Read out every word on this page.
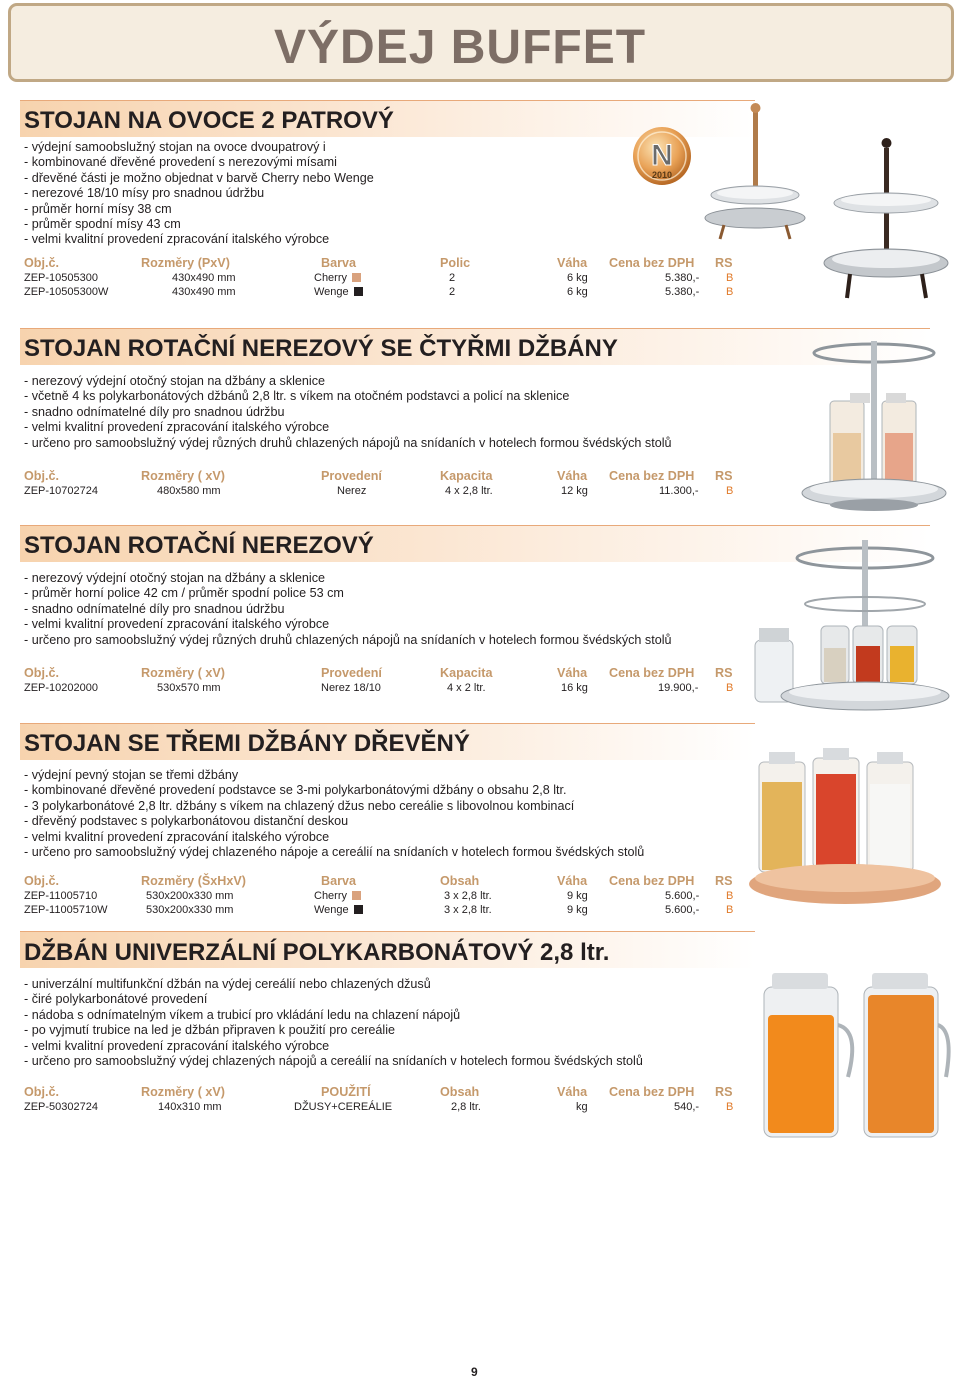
VÝDEJ BUFFET
STOJAN NA OVOCE 2 PATROVÝ
- výdejní samoobslužný stojan na ovoce dvoupatrový i
- kombinované dřevěné provedení s nerezovými mísami
- dřevěné části je možno objednat v barvě Cherry nebo Wenge
- nerezové 18/10 mísy pro snadnou údržbu
- průměr horní mísy 38 cm
- průměr spodní mísy 43 cm
- velmi kvalitní provedení zpracování italského výrobce
Obj.č.	Rozměry (PxV)	Barva	Polic	Váha Cena bez DPH RS
ZEP-10505300	430x490 mm	Cherry	2	6 kg	5.380,- B
ZEP-10505300W	430x490 mm	Wenge	2	6 kg	5.380,- B
N
2010
STOJAN ROTAČNÍ NEREZOVÝ SE ČTYŘMI DŽBÁNY
- nerezový výdejní otočný stojan na džbány a sklenice
- včetně 4 ks polykarbonátových džbánů 2,8 ltr. s víkem na otočném podstavci a policí na sklenice
- snadno odnímatelné díly pro snadnou údržbu
- velmi kvalitní provedení zpracování italského výrobce
- určeno pro samoobslužný výdej různých druhů chlazených nápojů na snídaních v hotelech formou švédských stolů
Obj.č.	Rozměry ( xV)	Provedení	Kapacita	Váha Cena bez DPH RS
ZEP-10702724	480x580 mm	Nerez	4 x 2,8 ltr.	12 kg	11.300,- B
STOJAN ROTAČNÍ NEREZOVÝ
- nerezový výdejní otočný stojan na džbány a sklenice
- průměr horní police 42 cm / průměr spodní police 53 cm
- snadno odnímatelné díly pro snadnou údržbu
- velmi kvalitní provedení zpracování italského výrobce
- určeno pro samoobslužný výdej různých druhů chlazených nápojů na snídaních v hotelech formou švédských stolů
Obj.č.	Rozměry ( xV)	Provedení	Kapacita	Váha Cena bez DPH RS
ZEP-10202000	530x570 mm	Nerez 18/10	4 x 2 ltr.	16 kg	19.900,-	B
STOJAN SE TŘEMI DŽBÁNY DŘEVĚNÝ
- výdejní pevný stojan se třemi džbány
- kombinované dřevěné provedení podstavce se 3-mi polykarbonátovými džbány o obsahu 2,8 ltr.
- 3 polykarbonátové 2,8 ltr. džbány s víkem na chlazený džus nebo cereálie s libovolnou kombinací
- dřevěný podstavec s polykarbonátovou distanční deskou
- velmi kvalitní provedení zpracování italského výrobce
- určeno pro samoobslužný výdej chlazeného nápoje a cereálií na snídaních v hotelech formou švédských stolů
Obj.č.	Rozměry (ŠxHxV)	Barva	Obsah	Váha Cena bez DPH RS
ZEP-11005710	530x200x330 mm	Cherry	3 x 2,8 ltr.	9 kg	5.600,- B
ZEP-11005710W	530x200x330 mm	Wenge	3 x 2,8 ltr.	9 kg	5.600,- B
DŽBÁN UNIVERZÁLNÍ POLYKARBONÁTOVÝ 2,8 ltr.
- univerzální multifunkční džbán na výdej cereálií nebo chlazených džusů
- čiré polykarbonátové provedení
- nádoba s odnímatelným víkem a trubicí pro vkládání ledu na chlazení nápojů
- po vyjmutí trubice na led je džbán připraven k použití pro cereálie
- velmi kvalitní provedení zpracování italského výrobce
- určeno pro samoobslužný výdej chlazených nápojů a cereálií na snídaních v hotelech formou švédských stolů
Obj.č.	Rozměry ( xV)	POUŽITÍ	Obsah	Váha Cena bez DPH RS
ZEP-50302724	140x310 mm	DŽUSY+CEREÁLIE	2,8 ltr.	kg	540,- B
9
